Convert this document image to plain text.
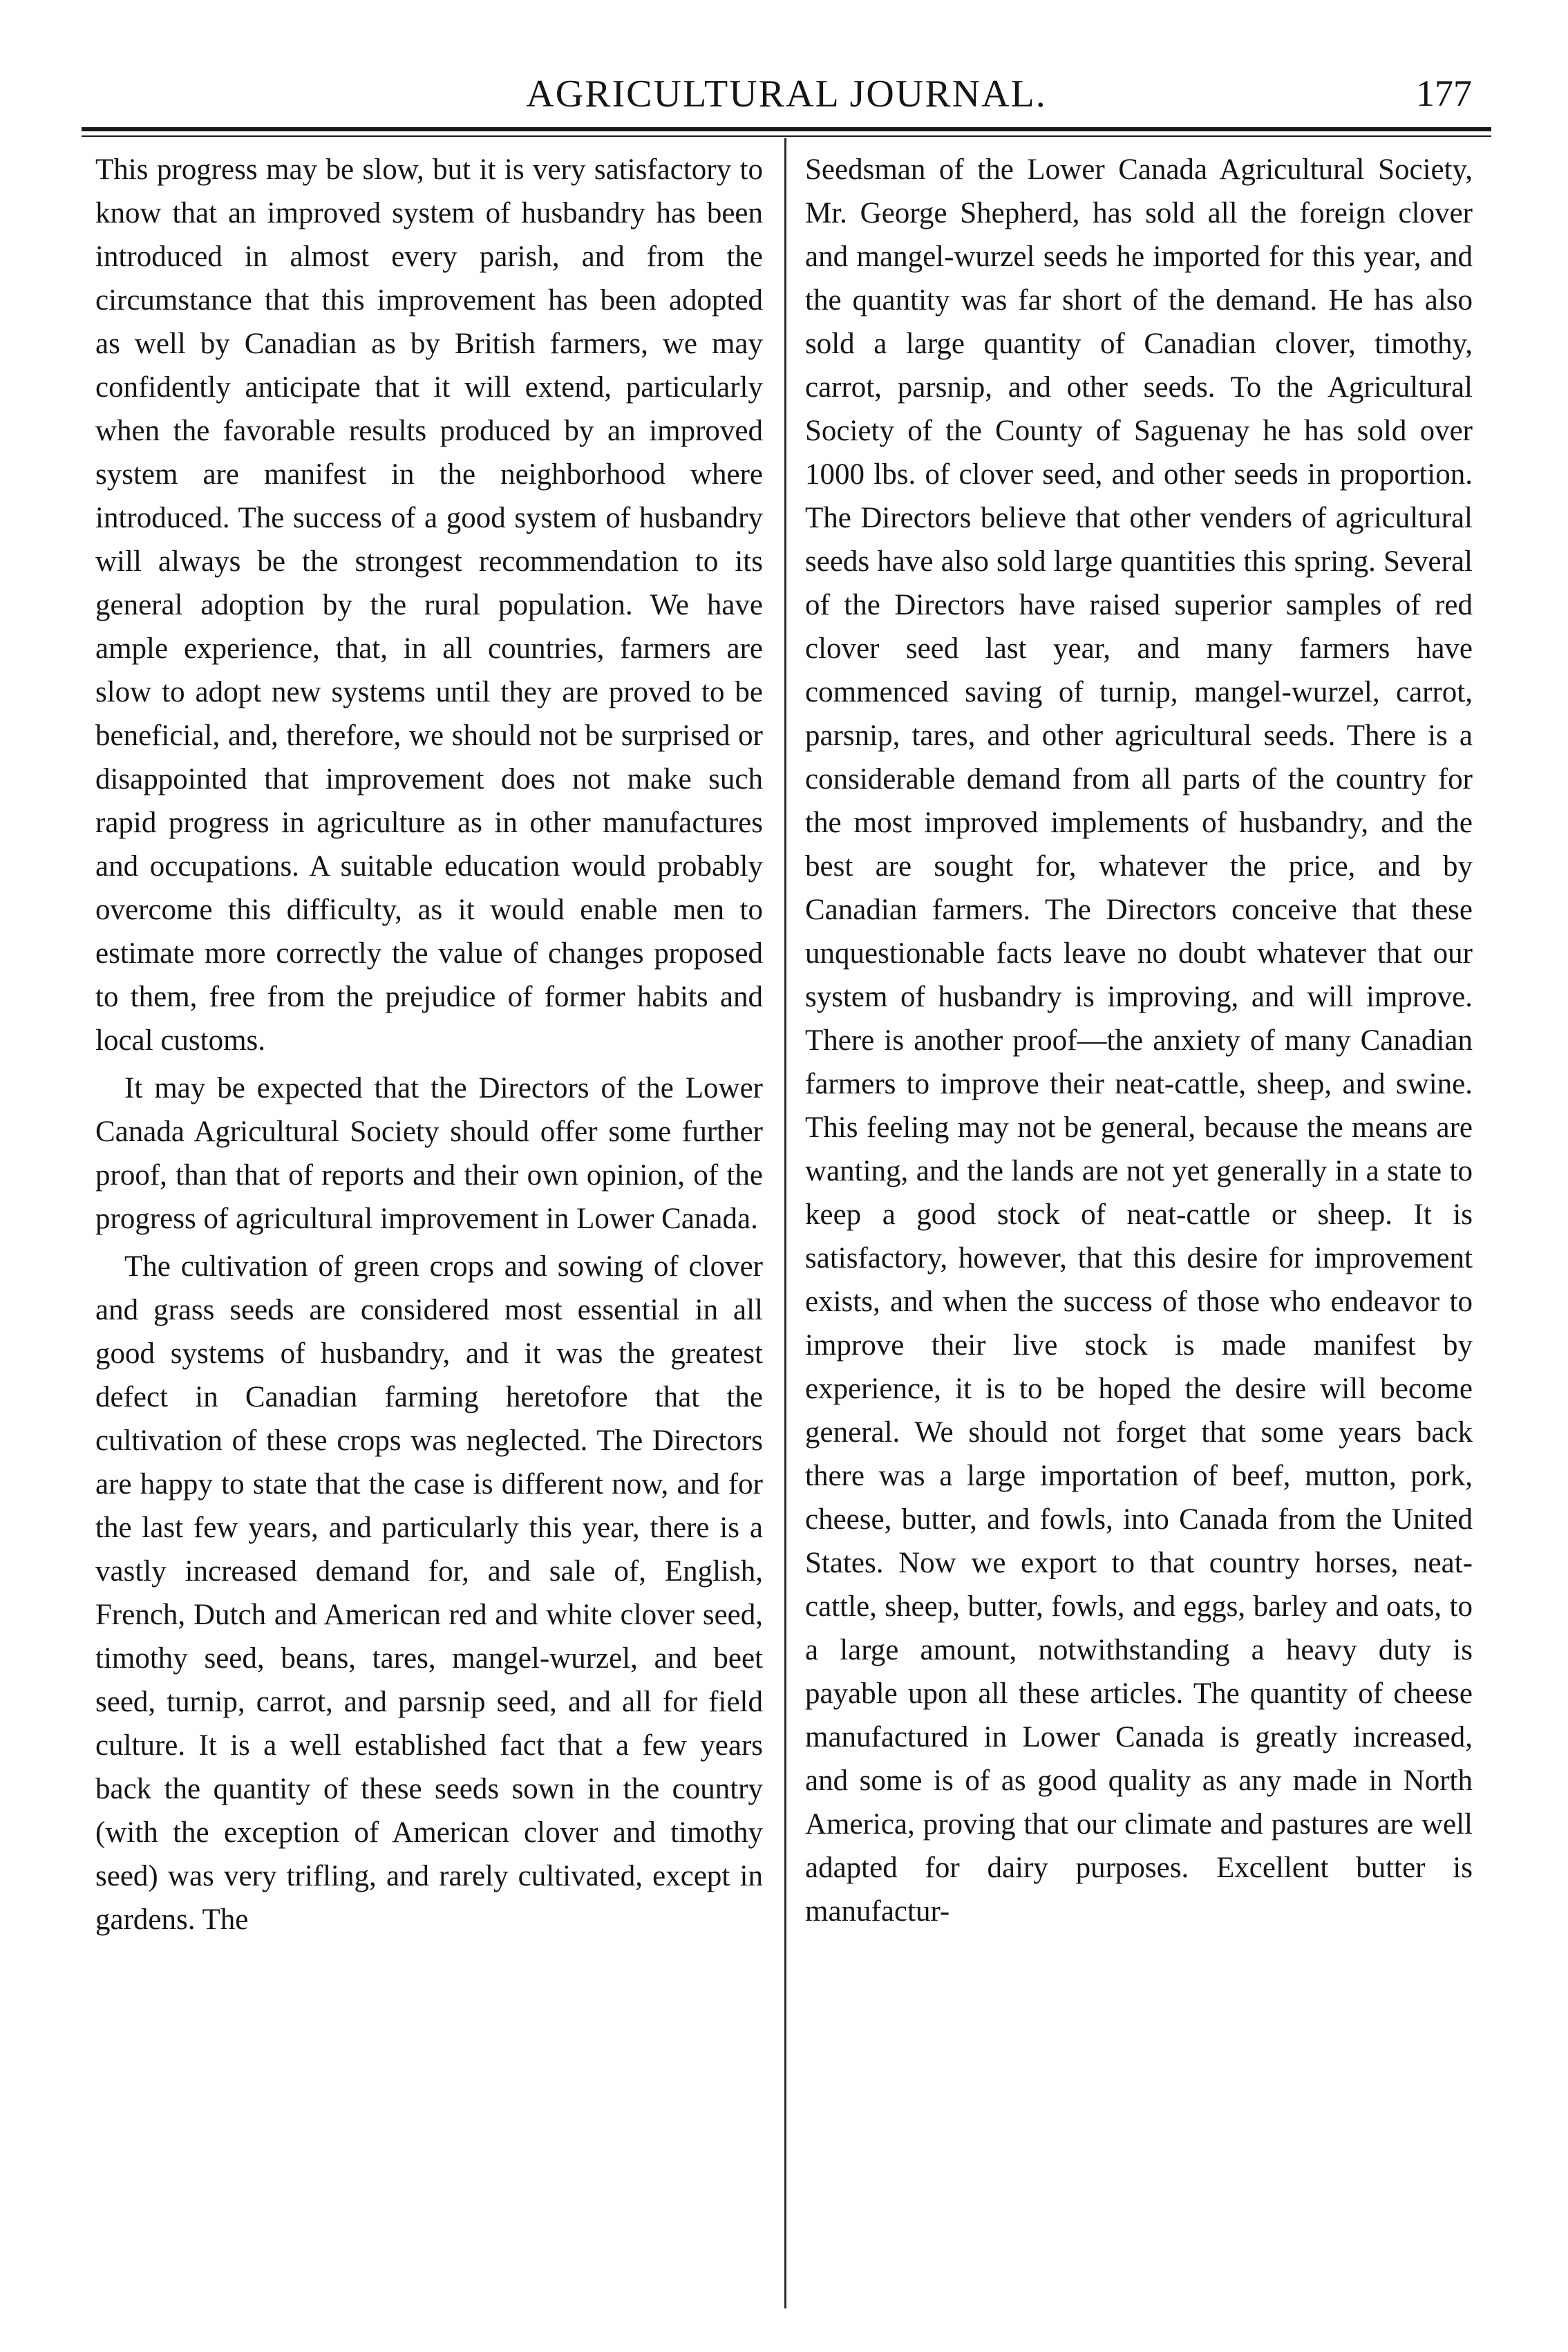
AGRICULTURAL JOURNAL.	177

This progress may be slow, but it is very satisfactory to know that an improved system of husbandry has been introduced in almost every parish, and from the circumstance that this improvement has been adopted as well by Canadian as by British farmers, we may confidently anticipate that it will extend, particularly when the favorable results produced by an improved system are manifest in the neighborhood where introduced. The success of a good system of husbandry will always be the strongest recommendation to its general adoption by the rural population. We have ample experience, that, in all countries, farmers are slow to adopt new systems until they are proved to be beneficial, and, therefore, we should not be surprised or disappointed that improvement does not make such rapid progress in agriculture as in other manufactures and occupations. A suitable education would probably overcome this difficulty, as it would enable men to estimate more correctly the value of changes proposed to them, free from the prejudice of former habits and local customs.

It may be expected that the Directors of the Lower Canada Agricultural Society should offer some further proof, than that of reports and their own opinion, of the progress of agricultural improvement in Lower Canada.

The cultivation of green crops and sowing of clover and grass seeds are considered most essential in all good systems of husbandry, and it was the greatest defect in Canadian farming heretofore that the cultivation of these crops was neglected. The Directors are happy to state that the case is different now, and for the last few years, and particularly this year, there is a vastly increased demand for, and sale of, English, French, Dutch and American red and white clover seed, timothy seed, beans, tares, mangel-wurzel, and beet seed, turnip, carrot, and parsnip seed, and all for field culture. It is a well established fact that a few years back the quantity of these seeds sown in the country (with the exception of American clover and timothy seed) was very trifling, and rarely cultivated, except in gardens. The

Seedsman of the Lower Canada Agricultural Society, Mr. George Shepherd, has sold all the foreign clover and mangel-wurzel seeds he imported for this year, and the quantity was far short of the demand. He has also sold a large quantity of Canadian clover, timothy, carrot, parsnip, and other seeds. To the Agricultural Society of the County of Saguenay he has sold over 1000 lbs. of clover seed, and other seeds in proportion. The Directors believe that other venders of agricultural seeds have also sold large quantities this spring. Several of the Directors have raised superior samples of red clover seed last year, and many farmers have commenced saving of turnip, mangel-wurzel, carrot, parsnip, tares, and other agricultural seeds. There is a considerable demand from all parts of the country for the most improved implements of husbandry, and the best are sought for, whatever the price, and by Canadian farmers. The Directors conceive that these unquestionable facts leave no doubt whatever that our system of husbandry is improving, and will improve. There is another proof—the anxiety of many Canadian farmers to improve their neat-cattle, sheep, and swine. This feeling may not be general, because the means are wanting, and the lands are not yet generally in a state to keep a good stock of neat-cattle or sheep. It is satisfactory, however, that this desire for improvement exists, and when the success of those who endeavor to improve their live stock is made manifest by experience, it is to be hoped the desire will become general. We should not forget that some years back there was a large importation of beef, mutton, pork, cheese, butter, and fowls, into Canada from the United States. Now we export to that country horses, neat-cattle, sheep, butter, fowls, and eggs, barley and oats, to a large amount, notwithstanding a heavy duty is payable upon all these articles. The quantity of cheese manufactured in Lower Canada is greatly increased, and some is of as good quality as any made in North America, proving that our climate and pastures are well adapted for dairy purposes. Excellent butter is manufactur-
